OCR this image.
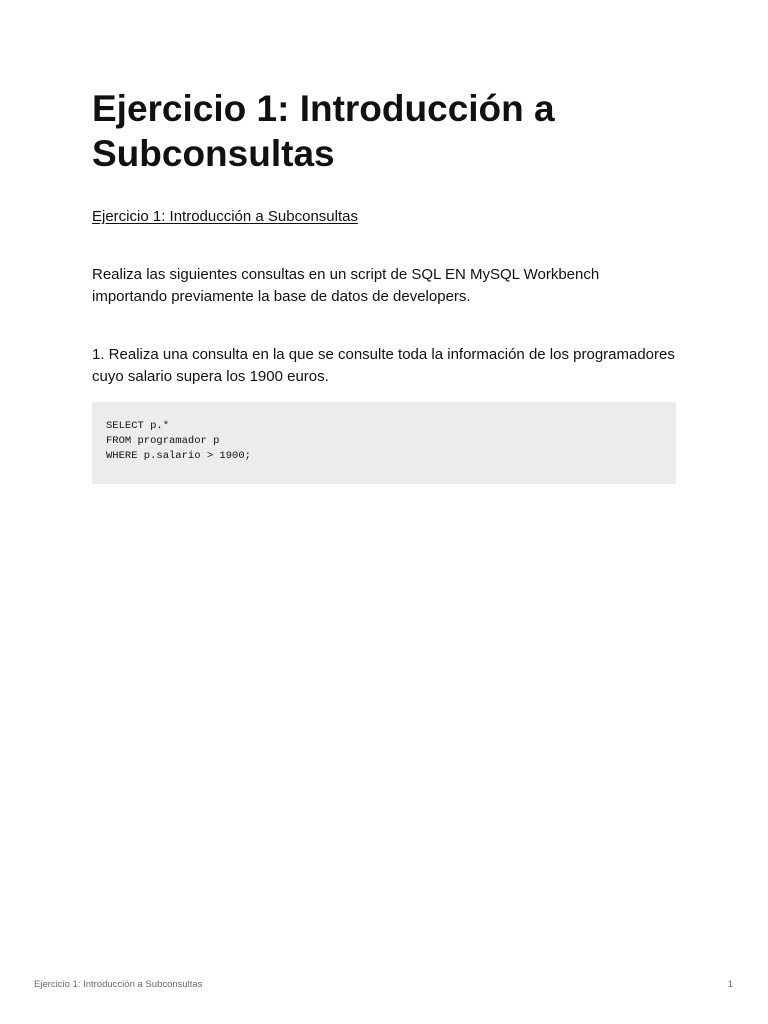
Ejercicio 1: Introducción a Subconsultas
Ejercicio 1: Introducción a Subconsultas

Realiza las siguientes consultas en un script de SQL EN MySQL Workbench importando previamente la base de datos de developers.

1. Realiza una consulta en la que se consulte toda la información de los programadores cuyo salario supera los 1900 euros.

SELECT p.*
FROM programador p
WHERE p.salario > 1900;
Ejercicio 1: Introducción a Subconsultas	1
